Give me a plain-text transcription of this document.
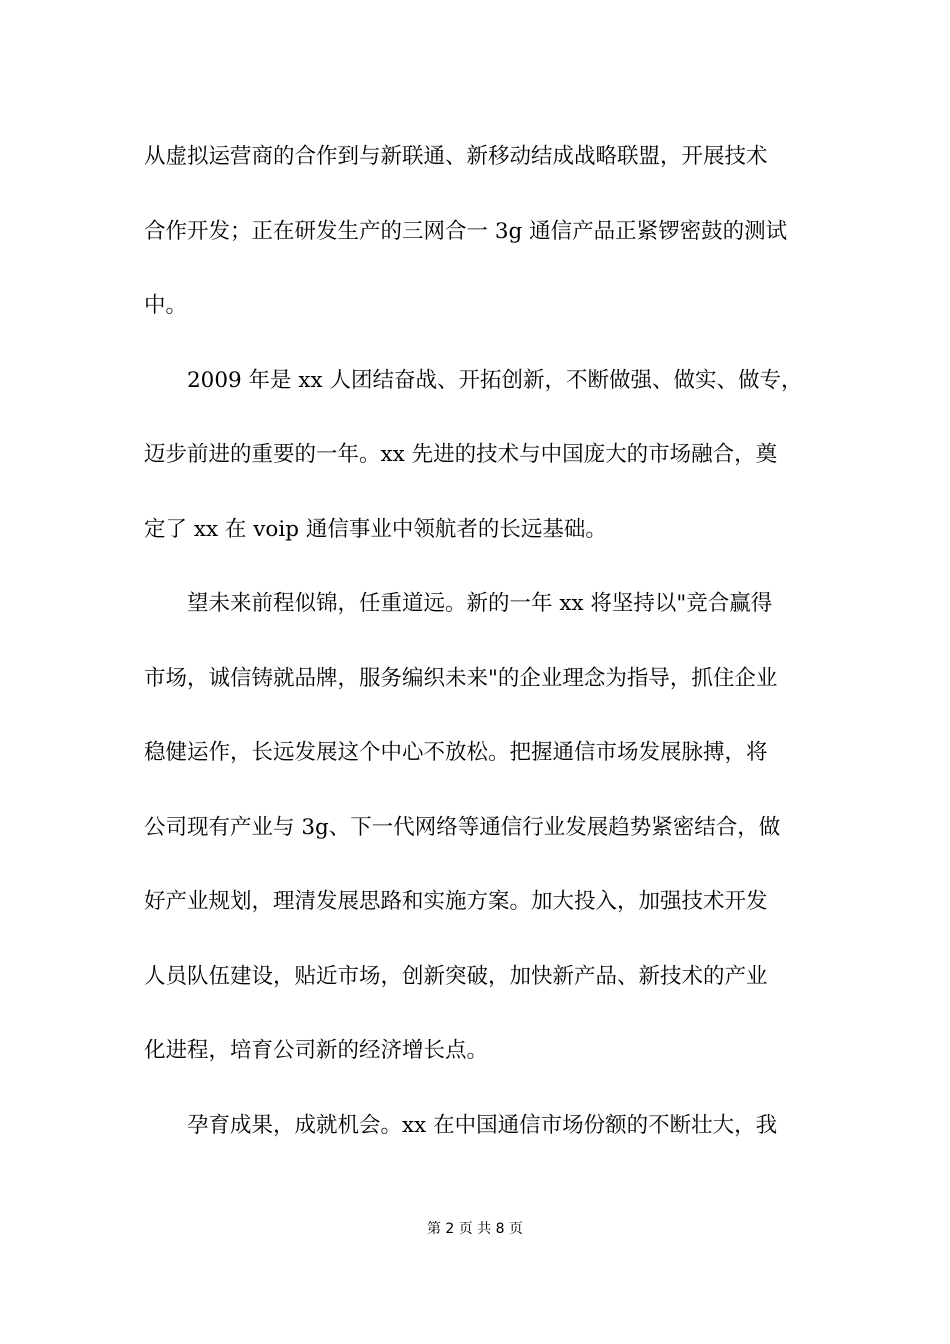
从虚拟运营商的合作到与新联通、新移动结成战略联盟，开展技术
合作开发；正在研发生产的三网合一 3g 通信产品正紧锣密鼓的测试
中。
2009 年是 xx 人团结奋战、开拓创新，不断做强、做实、做专，
迈步前进的重要的一年。xx 先进的技术与中国庞大的市场融合，奠
定了 xx 在 voip 通信事业中领航者的长远基础。
望未来前程似锦，任重道远。新的一年 xx 将坚持以"竞合赢得
市场，诚信铸就品牌，服务编织未来"的企业理念为指导，抓住企业
稳健运作，长远发展这个中心不放松。把握通信市场发展脉搏，将
公司现有产业与 3g、下一代网络等通信行业发展趋势紧密结合，做
好产业规划，理清发展思路和实施方案。加大投入，加强技术开发
人员队伍建设，贴近市场，创新突破，加快新产品、新技术的产业
化进程，培育公司新的经济增长点。
孕育成果，成就机会。xx 在中国通信市场份额的不断壮大，我
第 2 页 共 8 页
